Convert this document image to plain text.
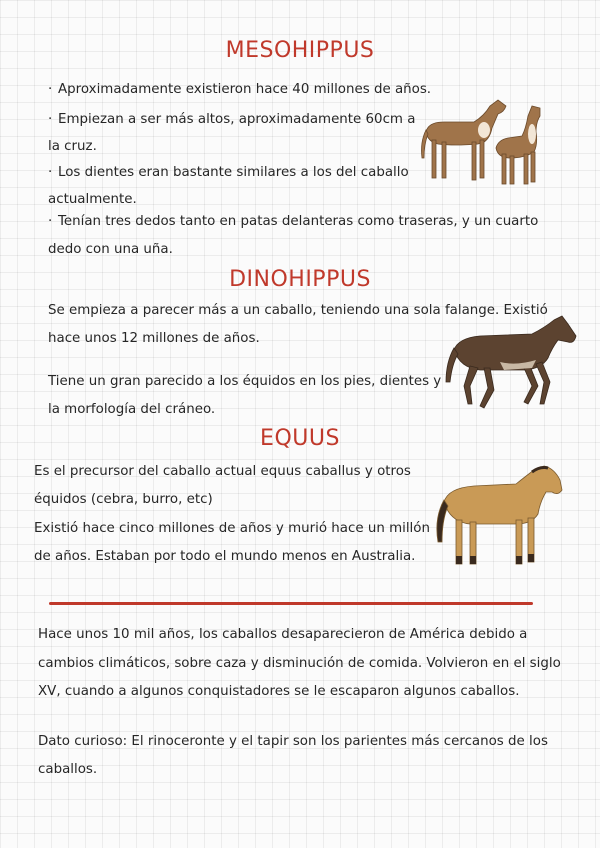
MESOHIPPUS
· Aproximadamente existieron hace 40 millones de años.

· Empiezan a ser más altos, aproximadamente 60cm a

la cruz.

· Los dientes eran bastante similares a los del caballo

actualmente.

· Tenían tres dedos tanto en patas delanteras como traseras, y un cuarto

dedo con una uña.

DINOHIPPUS

Se empieza a parecer más a un caballo, teniendo una sola falange. Existió

hace unos 12 millones de años.

Tiene un gran parecido a los équidos en los pies, dientes y

la morfología del cráneo.

EQUUS

Es el precursor del caballo actual equus caballus y otros

équidos (cebra, burro, etc)

Existió hace cinco millones de años y murió hace un millón

de años. Estaban por todo el mundo menos en Australia.

Hace unos 10 mil años, los caballos desaparecieron de América debido a

cambios climáticos, sobre caza y disminución de comida. Volvieron en el siglo

XV, cuando a algunos conquistadores se le escaparon algunos caballos.

Dato curioso: El rinoceronte y el tapir son los parientes más cercanos de los

caballos.
